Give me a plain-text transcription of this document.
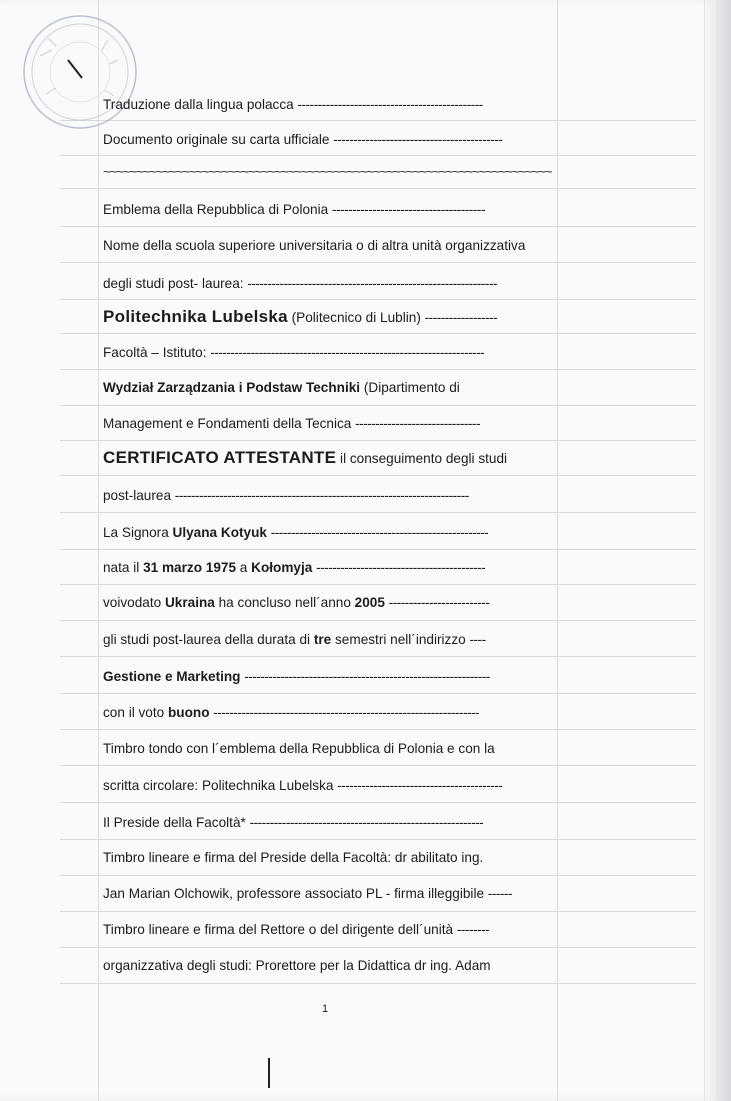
Traduzione dalla lingua polacca ----------------------------------------------
Documento originale su carta ufficiale ------------------------------------------
~~~~~~~~~~~~~~~~~~~~~~~~~~~~~~~~~~~~~~~~~~~~~~~~~~~~~~~~~~~~~~~~~~~~
Emblema della Repubblica di Polonia --------------------------------------
Nome della scuola superiore universitaria o di altra unità organizzativa
degli studi post- laurea: --------------------------------------------------------------
Politechnika Lubelska (Politecnico di Lublin) ------------------
Facoltà – Istituto: --------------------------------------------------------------------
Wydział Zarządzania i Podstaw Techniki (Dipartimento di
Management e Fondamenti della Tecnica -------------------------------
CERTIFICATO ATTESTANTE il conseguimento degli studi
post-laurea -------------------------------------------------------------------------
La Signora Ulyana Kotyuk ------------------------------------------------------
nata il 31 marzo 1975 a Kołomyja ------------------------------------------
voivodato Ukraina ha concluso nell´anno 2005 -------------------------
gli studi post-laurea della durata di tre semestri nell´indirizzo ----
Gestione e Marketing -------------------------------------------------------------
con il voto buono ------------------------------------------------------------------
Timbro tondo con l´emblema della Repubblica di Polonia e con la
scritta circolare: Politechnika Lubelska -----------------------------------------
Il Preside della Facoltà* ----------------------------------------------------------
Timbro lineare e firma del Preside della Facoltà: dr abilitato ing.
Jan Marian Olchowik, professore associato PL - firma illeggibile ------
Timbro lineare e firma del Rettore o del dirigente dell´unità --------
organizzativa degli studi: Prorettore per la Didattica dr ing. Adam
1
